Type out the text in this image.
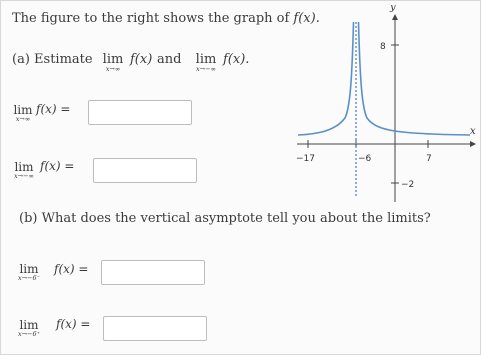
The figure to the right shows the graph of f(x).
(a) Estimate lim
x→∞
f(x) and	lim
x→−∞
f(x).
lim
x→∞
f(x) =
lim
x→−∞
f(x) =
(b) What does the vertical asymptote tell you about the limits?
lim
x→−6⁻
f(x) =
lim
x→−6⁺
f(x) =
y
x
8
−2
−17	−6	7
